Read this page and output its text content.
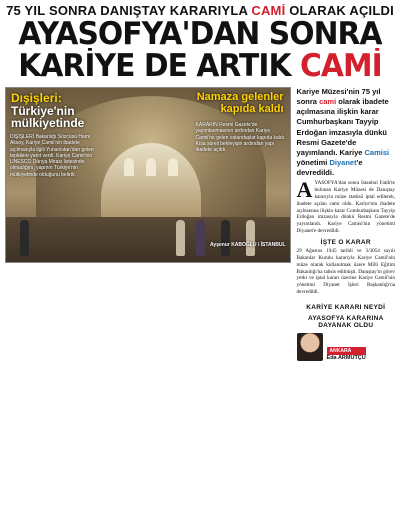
75 YIL SONRA DANIŞTAY KARARIYLA CAMİ OLARAK AÇILDI
AYASOFYA'DAN SONRA
KARİYE DE ARTIK CAMİ
Dışişleri:
Türkiye'nin mülkiyetinde
DIŞİŞLERİ Bakanlığı Sözcüsü Hami Aksoy, Kariye Camii'nin ibadete açılmasıyla ilgili Yunanistan'dan gelen tepkilere yanıt verdi. Kariye Camii'nin UNESCO Dünya Mirası listesinde olmadığını, yapının Türkiye'nin mülkiyetinde olduğunu belirtti.
Namaza gelenler kapıda kaldı
KARARIN Resmi Gazete'de yayımlanmasının ardından Kariye Camii'ne gelen vatandaşlar kapıda kaldı. Kısa süreli bekleyişin ardından yapı ibadete açıldı.
Ayşenur KABOĞLU / İSTANBUL
Kariye Müzesi'nin 75 yıl sonra cami olarak ibadete açılmasına ilişkin karar Cumhurbaşkanı Tayyip Erdoğan imzasıyla dünkü Resmi Gazete'de yayımlandı. Kariye Camisi yönetimi Diyanet'e devredildi.
AYASOFYA'dan sonra İstanbul Fatih'te bulunan Kariye Müzesi de Danıştay kararıyla müze statüsü iptal edilerek, ibadete açılan cami oldu. Kariye'nin ibadete açılmasına ilişkin karar Cumhurbaşkanı Tayyip Erdoğan imzasıyla dünkü Resmi Gazete'de yayımlandı. Kariye Camisi'nin yönetimi Diyanet'e devredildi.
İŞTE O KARAR
29 Ağustos 1945 tarihli ve 3/3054 sayılı Bakanlar Kurulu kararıyla Kariye Camii'nin müze olarak kullanılmak üzere Milli Eğitim Bakanlığı'na tahsis edilmişti. Danıştay'ın görev yetki ve iptal kararı üzerine Kariye Camii'nin yönetimi Diyanet İşleri Başkanlığı'na devredildi.
KARİYE KARARI NEYDİ
AYASOFYA KARARINA DAYANAK OLDU
ANKARA
Eda ARMUTÇU
